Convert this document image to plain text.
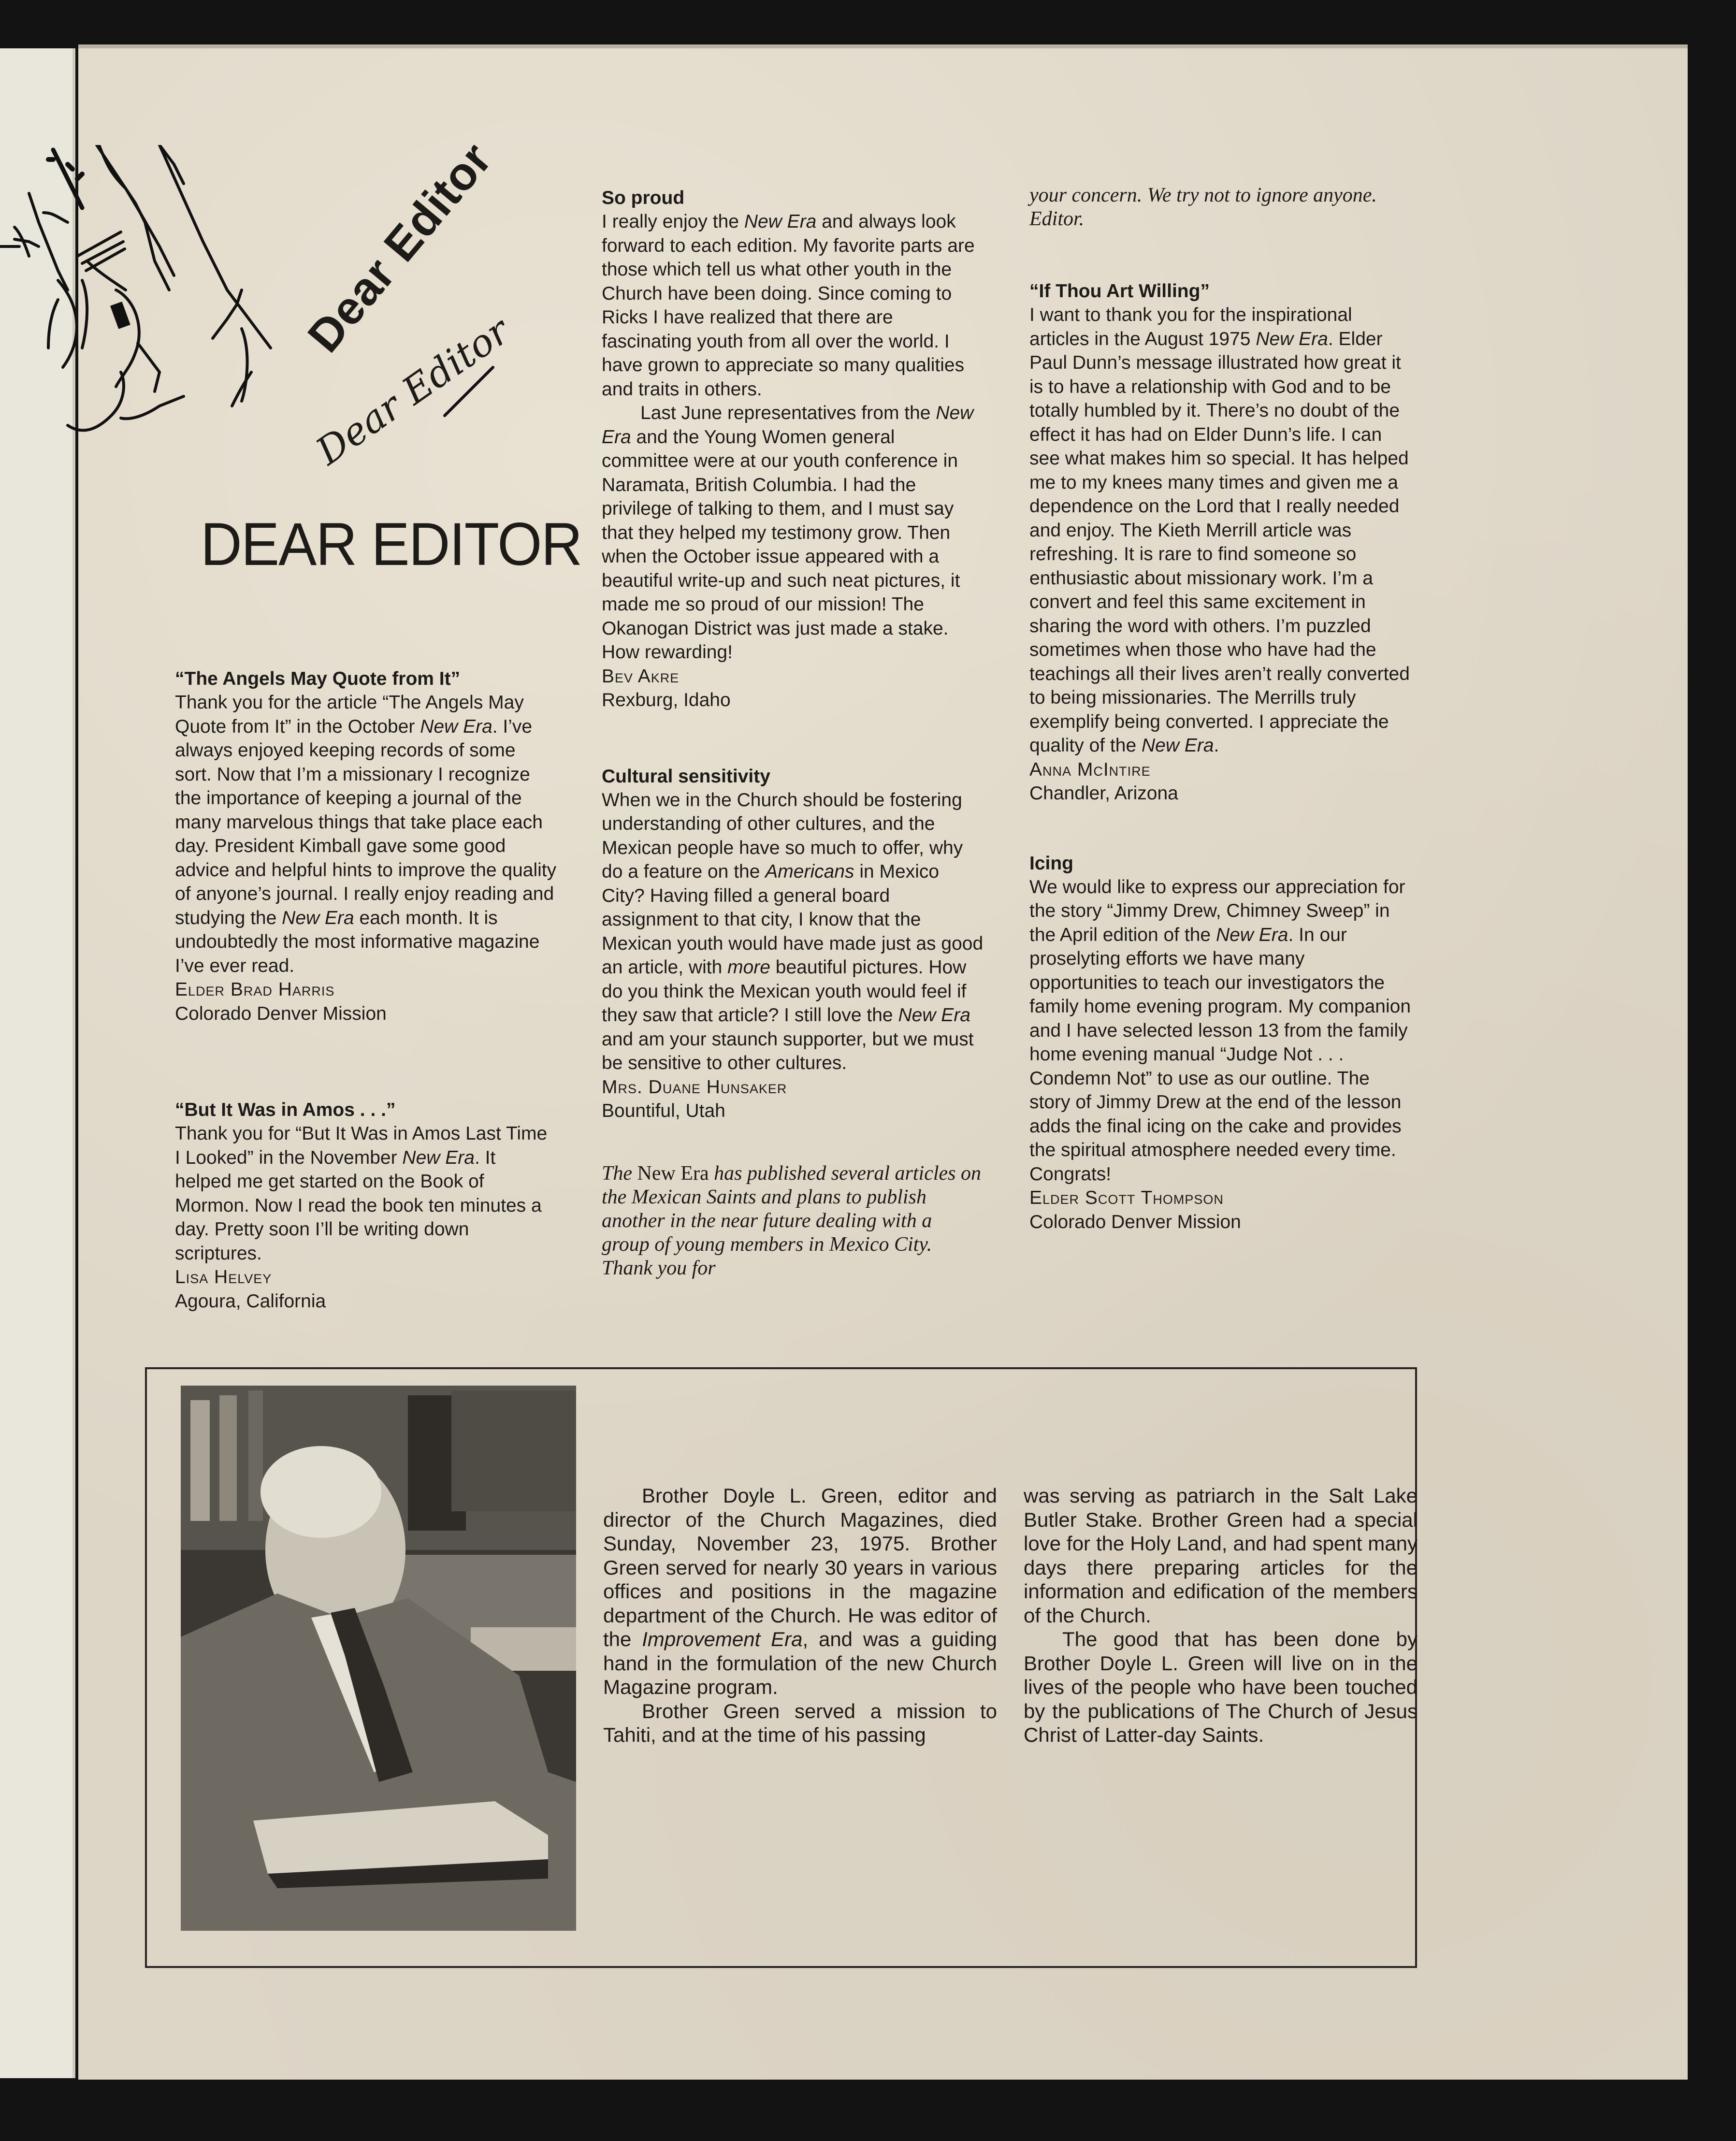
Dear Editor
Dear Editor
DEAR EDITOR
“The Angels May Quote from It”

Thank you for the article “The Angels May Quote from It” in the October New Era. I’ve always enjoyed keeping records of some sort. Now that I’m a missionary I recognize the importance of keeping a journal of the many marvelous things that take place each day. President Kimball gave some good advice and helpful hints to improve the quality of anyone’s journal. I really enjoy reading and studying the New Era each month. It is undoubtedly the most informative magazine I’ve ever read.

Elder Brad Harris

Colorado Denver Mission

“But It Was in Amos . . .”

Thank you for “But It Was in Amos Last Time I Looked” in the November New Era. It helped me get started on the Book of Mormon. Now I read the book ten minutes a day. Pretty soon I’ll be writing down scriptures.

Lisa Helvey

Agoura, California

So proud

I really enjoy the New Era and always look forward to each edition. My favorite parts are those which tell us what other youth in the Church have been doing. Since coming to Ricks I have realized that there are fascinating youth from all over the world. I have grown to appreciate so many qualities and traits in others.

Last June representatives from the New Era and the Young Women general committee were at our youth conference in Naramata, British Columbia. I had the privilege of talking to them, and I must say that they helped my testimony grow. Then when the October issue appeared with a beautiful write-up and such neat pictures, it made me so proud of our mission! The Okanogan District was just made a stake. How rewarding!

Bev Akre

Rexburg, Idaho

Cultural sensitivity

When we in the Church should be fostering understanding of other cultures, and the Mexican people have so much to offer, why do a feature on the Americans in Mexico City? Having filled a general board assignment to that city, I know that the Mexican youth would have made just as good an article, with more beautiful pictures. How do you think the Mexican youth would feel if they saw that article? I still love the New Era and am your staunch supporter, but we must be sensitive to other cultures.

Mrs. Duane Hunsaker

Bountiful, Utah

The New Era has published several articles on the Mexican Saints and plans to publish another in the near future dealing with a group of young members in Mexico City. Thank you for
your concern. We try not to ignore anyone. Editor.
“If Thou Art Willing”

I want to thank you for the inspirational articles in the August 1975 New Era. Elder Paul Dunn’s message illustrated how great it is to have a relationship with God and to be totally humbled by it. There’s no doubt of the effect it has had on Elder Dunn’s life. I can see what makes him so special. It has helped me to my knees many times and given me a dependence on the Lord that I really needed and enjoy. The Kieth Merrill article was refreshing. It is rare to find someone so enthusiastic about missionary work. I’m a convert and feel this same excitement in sharing the word with others. I’m puzzled sometimes when those who have had the teachings all their lives aren’t really converted to being missionaries. The Merrills truly exemplify being converted. I appreciate the quality of the New Era.

Anna McIntire

Chandler, Arizona

Icing

We would like to express our appreciation for the story “Jimmy Drew, Chimney Sweep” in the April edition of the New Era. In our proselyting efforts we have many opportunities to teach our investigators the family home evening program. My companion and I have selected lesson 13 from the family home evening manual “Judge Not . . . Condemn Not” to use as our outline. The story of Jimmy Drew at the end of the lesson adds the final icing on the cake and provides the spiritual atmosphere needed every time. Congrats!

Elder Scott Thompson

Colorado Denver Mission

Brother Doyle L. Green, editor and director of the Church Magazines, died Sunday, November 23, 1975. Brother Green served for nearly 30 years in various offices and positions in the magazine department of the Church. He was editor of the Improvement Era, and was a guiding hand in the formulation of the new Church Magazine program.

Brother Green served a mission to Tahiti, and at the time of his passing

was serving as patriarch in the Salt Lake Butler Stake. Brother Green had a special love for the Holy Land, and had spent many days there preparing articles for the information and edification of the members of the Church.

The good that has been done by Brother Doyle L. Green will live on in the lives of the people who have been touched by the publications of The Church of Jesus Christ of Latter-day Saints.
